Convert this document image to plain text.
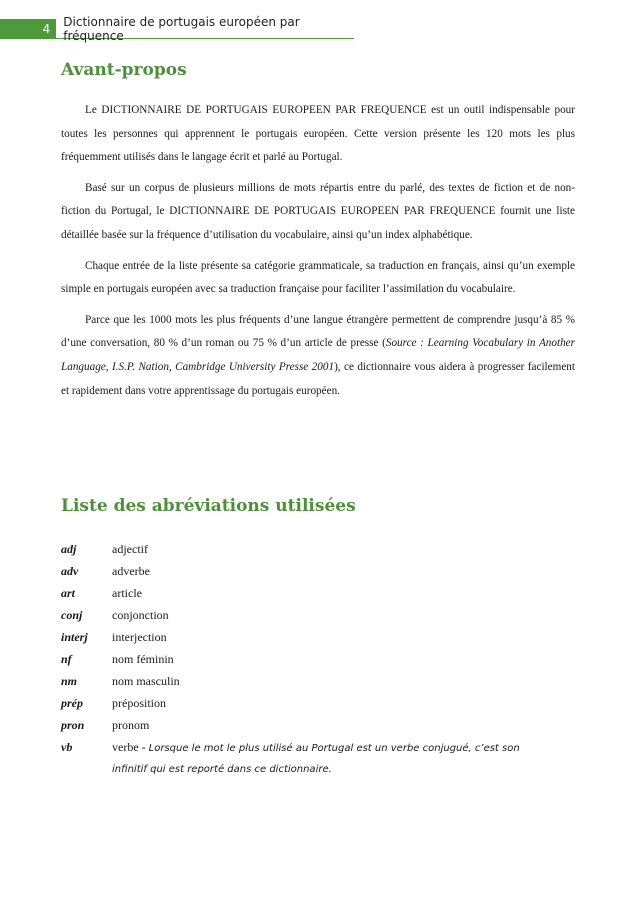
4
Dictionnaire de portugais européen par fréquence
Avant-propos

Le DICTIONNAIRE DE PORTUGAIS EUROPEEN PAR FREQUENCE est un outil indispensable pour toutes les personnes qui apprennent le portugais européen. Cette version présente les 120 mots les plus fréquemment utilisés dans le langage écrit et parlé au Portugal.

Basé sur un corpus de plusieurs millions de mots répartis entre du parlé, des textes de fiction et de non-fiction du Portugal, le DICTIONNAIRE DE PORTUGAIS EUROPEEN PAR FREQUENCE fournit une liste détaillée basée sur la fréquence d’utilisation du vocabulaire, ainsi qu’un index alphabétique.

Chaque entrée de la liste présente sa catégorie grammaticale, sa traduction en français, ainsi qu’un exemple simple en portugais européen avec sa traduction française pour faciliter l’assimilation du vocabulaire.

Parce que les 1000 mots les plus fréquents d’une langue étrangère permettent de comprendre jusqu’à 85 % d’une conversation, 80 % d’un roman ou 75 % d’un article de presse (Source : Learning Vocabulary in Another Language, I.S.P. Nation, Cambridge University Presse 2001), ce dictionnaire vous aidera à progresser facilement et rapidement dans votre apprentissage du portugais européen.

Liste des abréviations utilisées
adj	adjectif
adv	adverbe
art	article
conj	conjonction
interj	interjection
nf	nom féminin
nm	nom masculin
prép	préposition
pron	pronom
vb	verbe - Lorsque le mot le plus utilisé au Portugal est un verbe conjugué, c’est son
infinitif qui est reporté dans ce dictionnaire.
